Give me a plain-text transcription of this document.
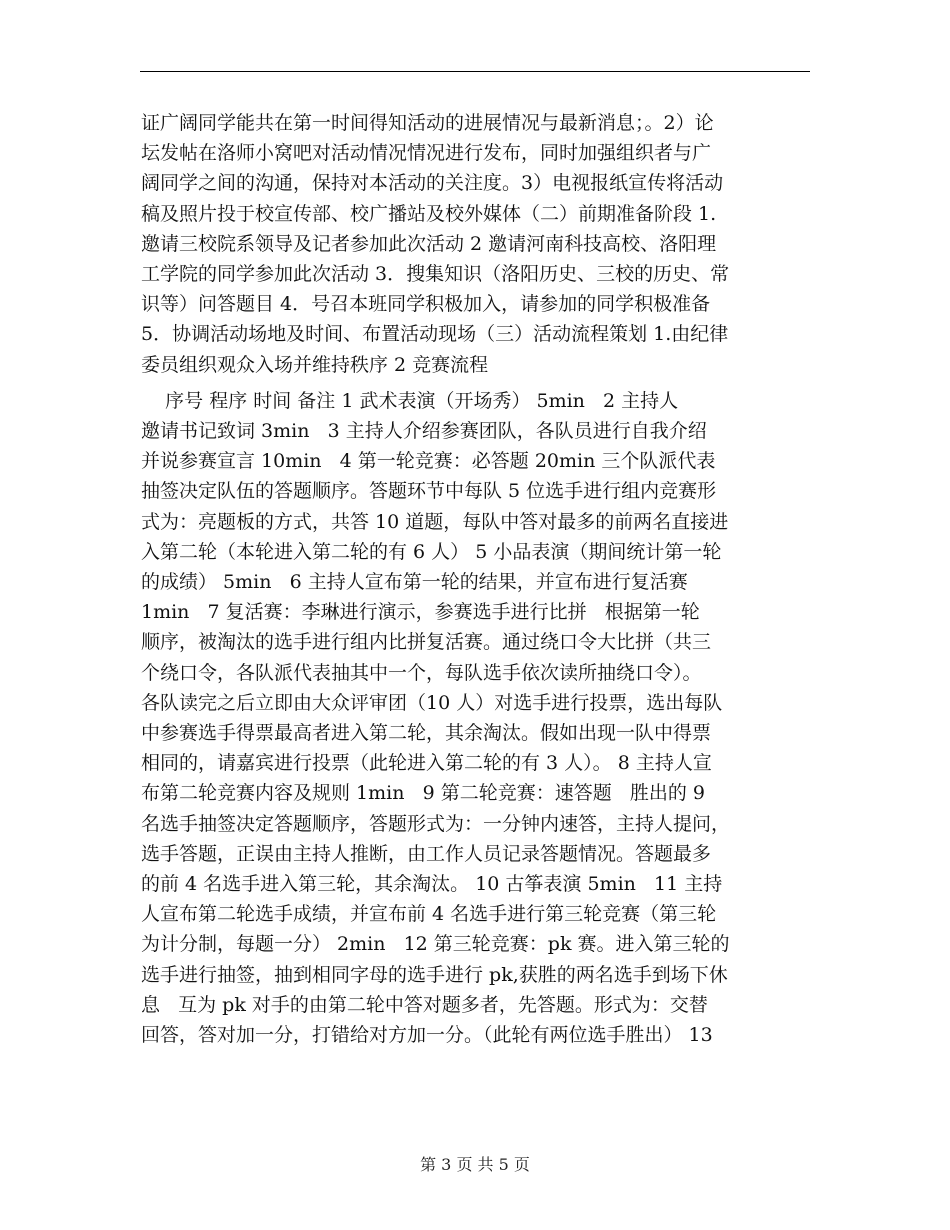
证广阔同学能共在第一时间得知活动的进展情况与最新消息；。2）论
坛发帖在洛师小窝吧对活动情况情况进行发布，同时加强组织者与广
阔同学之间的沟通，保持对本活动的关注度。3）电视报纸宣传将活动
稿及照片投于校宣传部、校广播站及校外媒体（二）前期准备阶段 1.
邀请三校院系领导及记者参加此次活动 2 邀请河南科技高校、洛阳理
工学院的同学参加此次活动 3．搜集知识（洛阳历史、三校的历史、常
识等）问答题目 4．号召本班同学积极加入，请参加的同学积极准备
5．协调活动场地及时间、布置活动现场（三）活动流程策划 1.由纪律
委员组织观众入场并维持秩序 2 竞赛流程
序号 程序 时间 备注 1 武术表演（开场秀） 5min   2 主持人
邀请书记致词 3min   3 主持人介绍参赛团队，各队员进行自我介绍
并说参赛宣言 10min   4 第一轮竞赛：必答题 20min 三个队派代表
抽签决定队伍的答题顺序。答题环节中每队 5 位选手进行组内竞赛形
式为：亮题板的方式，共答 10 道题，每队中答对最多的前两名直接进
入第二轮（本轮进入第二轮的有 6 人） 5 小品表演（期间统计第一轮
的成绩） 5min   6 主持人宣布第一轮的结果，并宣布进行复活赛
1min   7 复活赛：李琳进行演示，参赛选手进行比拼   根据第一轮
顺序，被淘汰的选手进行组内比拼复活赛。通过绕口令大比拼（共三
个绕口令，各队派代表抽其中一个，每队选手依次读所抽绕口令）。
各队读完之后立即由大众评审团（10 人）对选手进行投票，选出每队
中参赛选手得票最高者进入第二轮，其余淘汰。假如出现一队中得票
相同的，请嘉宾进行投票（此轮进入第二轮的有 3 人）。 8 主持人宣
布第二轮竞赛内容及规则 1min   9 第二轮竞赛：速答题   胜出的 9
名选手抽签决定答题顺序，答题形式为：一分钟内速答，主持人提问，
选手答题，正误由主持人推断，由工作人员记录答题情况。答题最多
的前 4 名选手进入第三轮，其余淘汰。 10 古筝表演 5min   11 主持
人宣布第二轮选手成绩，并宣布前 4 名选手进行第三轮竞赛（第三轮
为计分制，每题一分） 2min   12 第三轮竞赛：pk 赛。进入第三轮的
选手进行抽签，抽到相同字母的选手进行 pk,获胜的两名选手到场下休
息   互为 pk 对手的由第二轮中答对题多者，先答题。形式为：交替
回答，答对加一分，打错给对方加一分。（此轮有两位选手胜出） 13
第 3 页 共 5 页
